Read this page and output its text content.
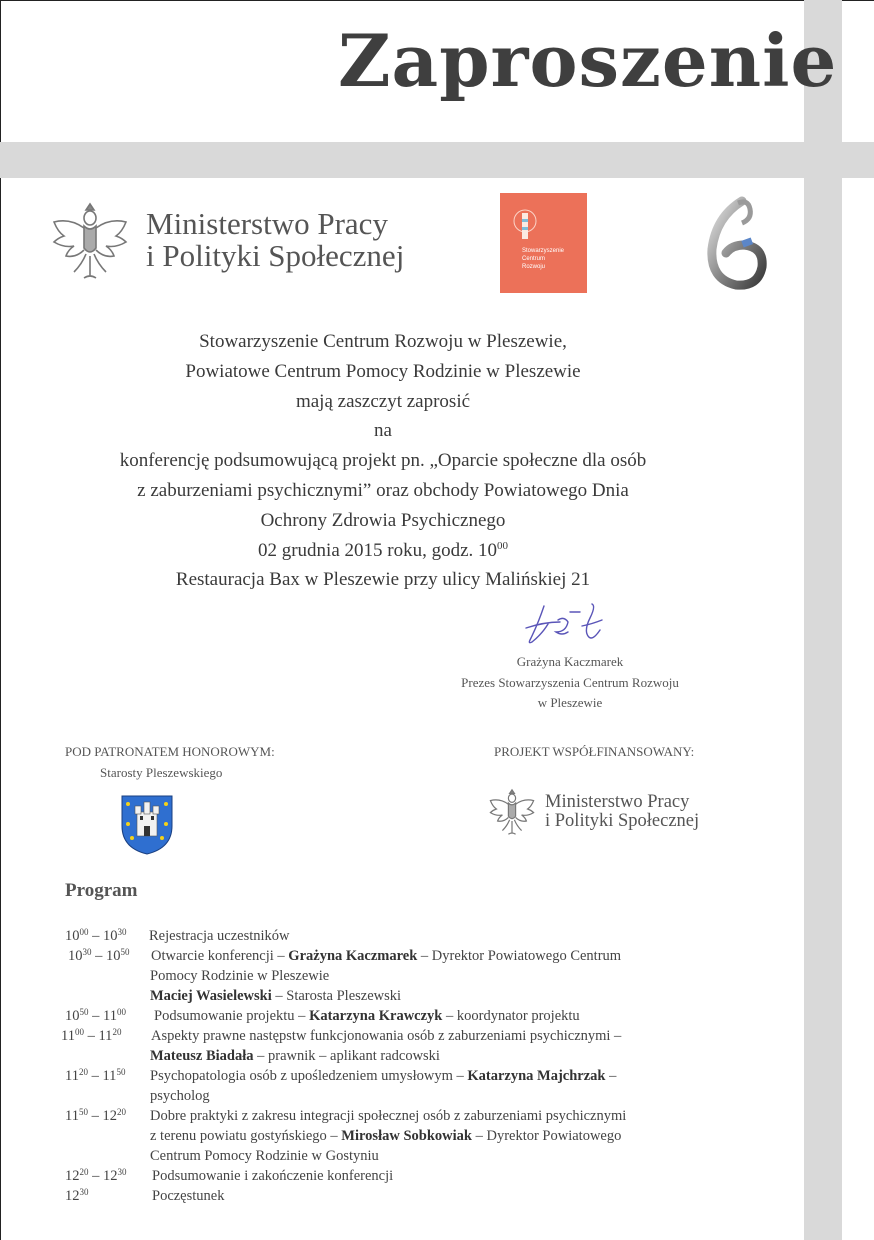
Zaproszenie
Ministerstwo Pracy
i Polityki Społecznej	Stowarzyszenie
Centrum
Rozwoju
Stowarzyszenie Centrum Rozwoju w Pleszewie,
Powiatowe Centrum Pomocy Rodzinie w Pleszewie
mają zaszczyt zaprosić
na
konferencję podsumowującą projekt pn. „Oparcie społeczne dla osób
z zaburzeniami psychicznymi” oraz obchody Powiatowego Dnia
Ochrony Zdrowia Psychicznego
02 grudnia 2015 roku, godz. $10^{00}$
Restauracja Bax w Pleszewie przy ulicy Malińskiej 21
Grażyna Kaczmarek
Prezes Stowarzyszenia Centrum Rozwoju
w Pleszewie
POD PATRONATEM HONOROWYM:
Starosty Pleszewskiego
PROJEKT WSPÓŁFINANSOWANY:
Ministerstwo Pracy
i Polityki Społecznej
Program
$10^{00} - 10^{30}$ Rejestracja uczestników
$10^{30} - 10^{50}$ Otwarcie konferencji – Grażyna Kaczmarek – Dyrektor Powiatowego Centrum
Pomocy Rodzinie w Pleszewie
Maciej Wasielewski – Starosta Pleszewski
$10^{50} - 11^{00}$ Podsumowanie projektu – Katarzyna Krawczyk – koordynator projektu
$11^{00} - 11^{20}$ Aspekty prawne następstw funkcjonowania osób z zaburzeniami psychicznymi –
Mateusz Biadała – prawnik – aplikant radcowski
$11^{20} - 11^{50}$ Psychopatologia osób z upośledzeniem umysłowym – Katarzyna Majchrzak –
psycholog
$11^{50} - 12^{20}$ Dobre praktyki z zakresu integracji społecznej osób z zaburzeniami psychicznymi
z terenu powiatu gostyńskiego – Mirosław Sobkowiak – Dyrektor Powiatowego
Centrum Pomocy Rodzinie w Gostyniu
$12^{20} - 12^{30}$ Podsumowanie i zakończenie konferencji
$12^{30}$	Poczęstunek
